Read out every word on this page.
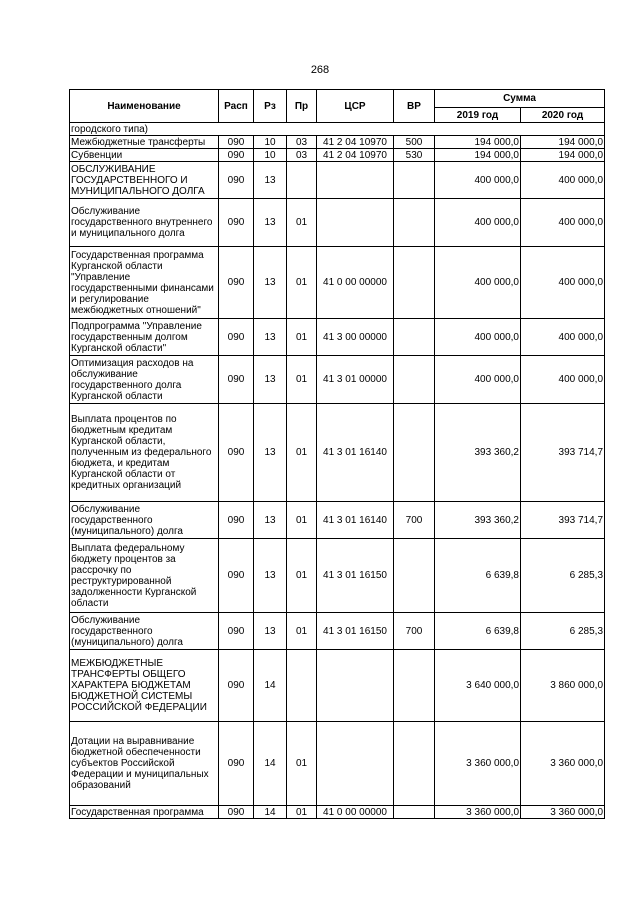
268
Наименование	Расп	Рз	Пр	ЦСР	ВР	Сумма	
						2019 год	2020 год
городского типа)							
Межбюджетные трансферты	090	10	03	41 2 04 10970	500	194 000,0	194 000,0
Субвенции	090	10	03	41 2 04 10970	530	194 000,0	194 000,0
ОБСЛУЖИВАНИЕ ГОСУДАРСТВЕННОГО И МУНИЦИПАЛЬНОГО ДОЛГА	090	13				400 000,0	400 000,0
Обслуживание государственного внутреннего и муниципального долга	090	13	01			400 000,0	400 000,0
Государственная программа Курганской области "Управление государственными финансами и регулирование межбюджетных отношений"	090	13	01	41 0 00 00000		400 000,0	400 000,0
Подпрограмма "Управление государственным долгом Курганской области"	090	13	01	41 3 00 00000		400 000,0	400 000,0
Оптимизация расходов на обслуживание государственного долга Курганской области	090	13	01	41 3 01 00000		400 000,0	400 000,0
Выплата процентов по бюджетным кредитам Курганской области, полученным из федерального бюджета, и кредитам Курганской области от кредитных организаций	090	13	01	41 3 01 16140		393 360,2	393 714,7
Обслуживание государственного (муниципального) долга	090	13	01	41 3 01 16140	700	393 360,2	393 714,7
Выплата федеральному бюджету процентов за рассрочку по реструктурированной задолженности Курганской области	090	13	01	41 3 01 16150		6 639,8	6 285,3
Обслуживание государственного (муниципального) долга	090	13	01	41 3 01 16150	700	6 639,8	6 285,3
МЕЖБЮДЖЕТНЫЕ ТРАНСФЕРТЫ ОБЩЕГО ХАРАКТЕРА БЮДЖЕТАМ БЮДЖЕТНОЙ СИСТЕМЫ РОССИЙСКОЙ ФЕДЕРАЦИИ	090	14				3 640 000,0	3 860 000,0
Дотации на выравнивание бюджетной обеспеченности субъектов Российской Федерации и муниципальных образований	090	14	01			3 360 000,0	3 360 000,0
Государственная программа	090	14	01	41 0 00 00000		3 360 000,0	3 360 000,0
